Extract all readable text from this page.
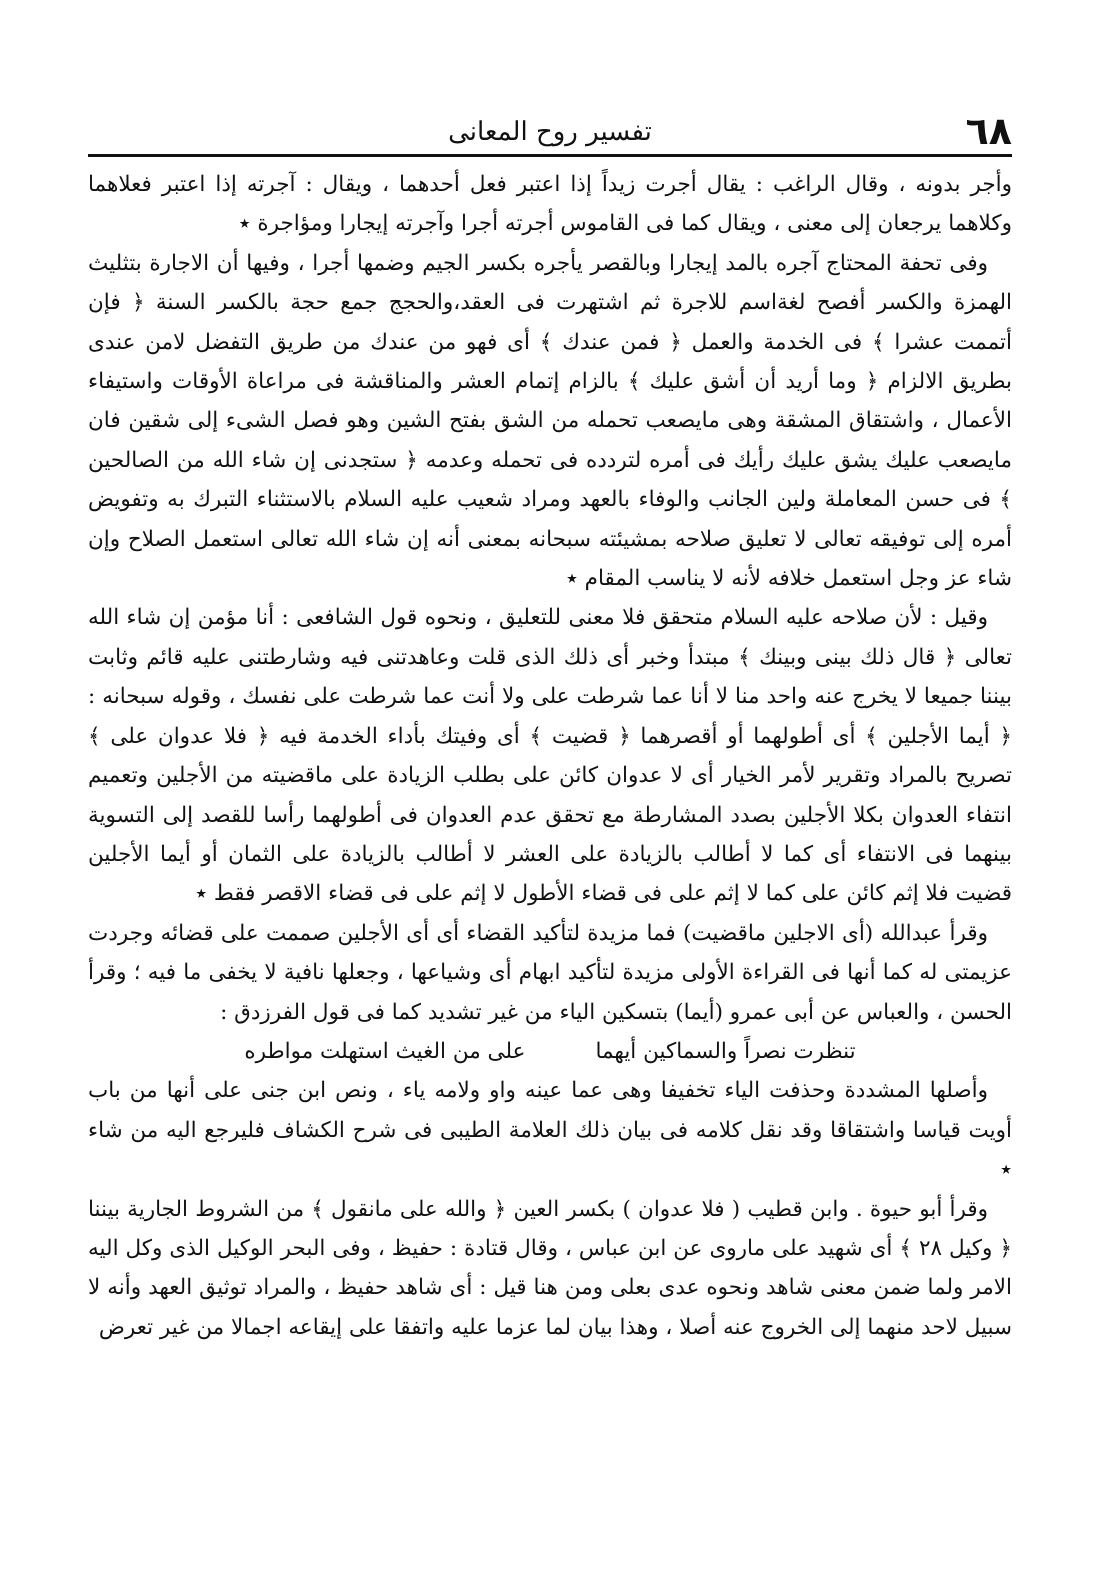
٦٨
تفسير روح المعانى

وأجر بدونه ، وقال الراغب : يقال أجرت زيداً إذا اعتبر فعل أحدهما ، ويقال : آجرته إذا اعتبر فعلاهما وكلاهما يرجعان إلى معنى ، ويقال كما فى القاموس أجرته أجرا وآجرته إيجارا ومؤاجرة ٭

وفى تحفة المحتاج آجره بالمد إيجارا وبالقصر يأجره بكسر الجيم وضمها أجرا ، وفيها أن الاجارة بتثليث الهمزة والكسر أفصح لغةاسم للاجرة ثم اشتهرت فى العقد،والحجج جمع حجة بالكسر السنة ﴿ فإن أتممت عشرا ﴾ فى الخدمة والعمل ﴿ فمن عندك ﴾ أى فهو من عندك من طريق التفضل لامن عندى بطريق الالزام ﴿ وما أريد أن أشق عليك ﴾ بالزام إتمام العشر والمناقشة فى مراعاة الأوقات واستيفاء الأعمال ، واشتقاق المشقة وهى مايصعب تحمله من الشق بفتح الشين وهو فصل الشىء إلى شقين فان مايصعب عليك يشق عليك رأيك فى أمره لتردده فى تحمله وعدمه ﴿ ستجدنى إن شاء الله من الصالحين ﴾ فى حسن المعاملة ولين الجانب والوفاء بالعهد ومراد شعيب عليه السلام بالاستثناء التبرك به وتفويض أمره إلى توفيقه تعالى لا تعليق صلاحه بمشيئته سبحانه بمعنى أنه إن شاء الله تعالى استعمل الصلاح وإن شاء عز وجل استعمل خلافه لأنه لا يناسب المقام ٭

وقيل : لأن صلاحه عليه السلام متحقق فلا معنى للتعليق ، ونحوه قول الشافعى : أنا مؤمن إن شاء الله تعالى ﴿ قال ذلك بينى وبينك ﴾ مبتدأ وخبر أى ذلك الذى قلت وعاهدتنى فيه وشارطتنى عليه قائم وثابت بيننا جميعا لا يخرج عنه واحد منا لا أنا عما شرطت على ولا أنت عما شرطت على نفسك ، وقوله سبحانه : ﴿ أيما الأجلين ﴾ أى أطولهما أو أقصرهما ﴿ قضيت ﴾ أى وفيتك بأداء الخدمة فيه ﴿ فلا عدوان على ﴾ تصريح بالمراد وتقرير لأمر الخيار أى لا عدوان كائن على بطلب الزيادة على ماقضيته من الأجلين وتعميم انتفاء العدوان بكلا الأجلين بصدد المشارطة مع تحقق عدم العدوان فى أطولهما رأسا للقصد إلى التسوية بينهما فى الانتفاء أى كما لا أطالب بالزيادة على العشر لا أطالب بالزيادة على الثمان أو أيما الأجلين قضيت فلا إثم كائن على كما لا إثم على فى قضاء الأطول لا إثم على فى قضاء الاقصر فقط ٭

وقرأ عبدالله (أى الاجلين ماقضيت) فما مزيدة لتأكيد القضاء أى أى الأجلين صممت على قضائه وجردت عزيمتى له كما أنها فى القراءة الأولى مزيدة لتأكيد ابهام أى وشياعها ، وجعلها نافية لا يخفى ما فيه ؛ وقرأ الحسن ، والعباس عن أبى عمرو (أيما) بتسكين الياء من غير تشديد كما فى قول الفرزدق :

تنظرت نصراً والسماكين أيهما
على من الغيث استهلت مواطره

وأصلها المشددة وحذفت الياء تخفيفا وهى عما عينه واو ولامه ياء ، ونص ابن جنى على أنها من باب أويت قياسا واشتقاقا وقد نقل كلامه فى بيان ذلك العلامة الطيبى فى شرح الكشاف فليرجع اليه من شاء ٭

وقرأ أبو حيوة . وابن قطيب ( فلا عدوان ) بكسر العين ﴿ والله على مانقول ﴾ من الشروط الجارية بيننا ﴿ وكيل ٢٨ ﴾ أى شهيد على ماروى عن ابن عباس ، وقال قتادة : حفيظ ، وفى البحر الوكيل الذى وكل اليه الامر ولما ضمن معنى شاهد ونحوه عدى بعلى ومن هنا قيل : أى شاهد حفيظ ، والمراد توثيق العهد وأنه لا سبيل لاحد منهما إلى الخروج عنه أصلا ، وهذا بيان لما عزما عليه واتفقا على إيقاعه اجمالا من غير تعرض
